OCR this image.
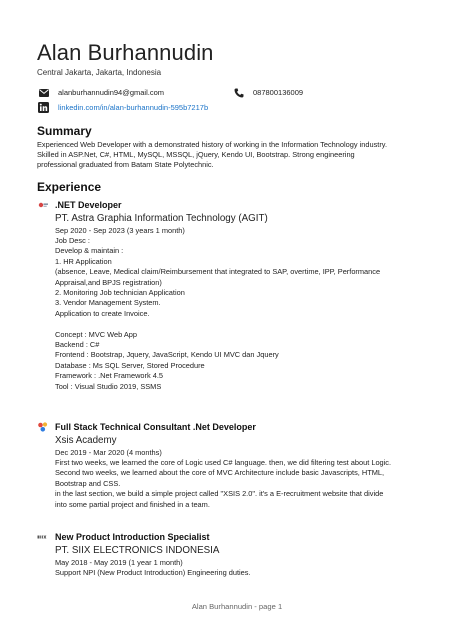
Alan Burhannudin
Central Jakarta, Jakarta, Indonesia
alanburhannudin94@gmail.com	087800136009
linkedin.com/in/alan-burhannudin-595b7217b
Summary
Experienced Web Developer with a demonstrated history of working in the Information Technology industry.
Skilled in ASP.Net, C#, HTML, MySQL, MSSQL, jQuery, Kendo UI, Bootstrap. Strong engineering
professional graduated from Batam State Polytechnic.
Experience
.NET Developer
PT. Astra Graphia Information Technology (AGIT)
Sep 2020 - Sep 2023 (3 years 1 month)
Job Desc :
Develop & maintain :
1. HR Application
(absence, Leave, Medical claim/Reimbursement that integrated to SAP, overtime, IPP, Performance
Appraisal,and BPJS registration)
2. Monitoring Job technician Application
3. Vendor Management System.
Application to create Invoice.
Concept : MVC Web App
Backend : C#
Frontend : Bootstrap, Jquery, JavaScript, Kendo UI MVC dan Jquery
Database : Ms SQL Server, Stored Procedure
Framework : .Net Framework 4.5
Tool : Visual Studio 2019, SSMS
Full Stack Technical Consultant .Net Developer
Xsis Academy
Dec 2019 - Mar 2020 (4 months)
First two weeks, we learned the core of Logic used C# language. then, we did filtering test about Logic.
Second two weeks, we learned about the core of MVC Architecture include basic Javascripts, HTML,
Bootstrap and CSS.
in the last section, we build a simple project called "XSIS 2.0". it's a E-recruitment website that divide
into some partial project and finished in a team.
New Product Introduction Specialist
PT. SIIX ELECTRONICS INDONESIA
May 2018 - May 2019 (1 year 1 month)
Support NPI (New Product Introduction) Engineering duties.
Alan Burhannudin - page 1
